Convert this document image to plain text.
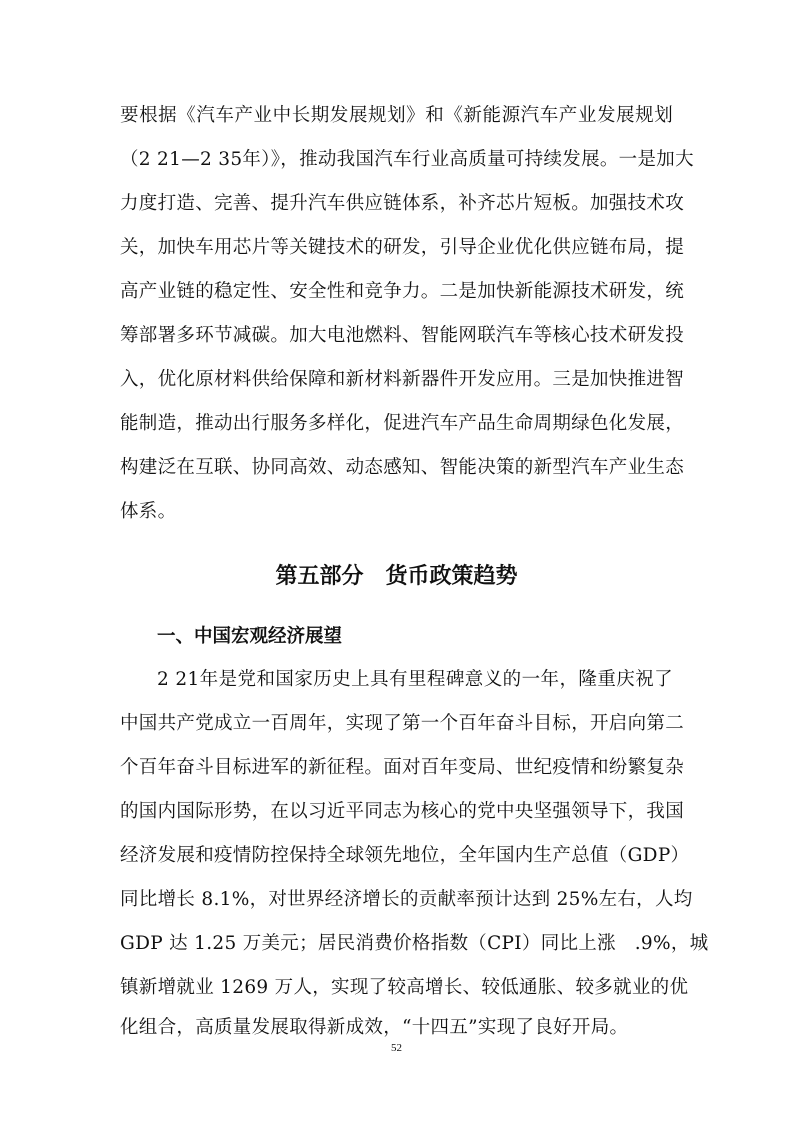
要根据《汽车产业中长期发展规划》和《新能源汽车产业发展规划
（2 21—2 35年）》，推动我国汽车行业高质量可持续发展。一是加大
力度打造、完善、提升汽车供应链体系，补齐芯片短板。加强技术攻
关，加快车用芯片等关键技术的研发，引导企业优化供应链布局，提
高产业链的稳定性、安全性和竞争力。二是加快新能源技术研发，统
筹部署多环节减碳。加大电池燃料、智能网联汽车等核心技术研发投
入，优化原材料供给保障和新材料新器件开发应用。三是加快推进智
能制造，推动出行服务多样化，促进汽车产品生命周期绿色化发展，
构建泛在互联、协同高效、动态感知、智能决策的新型汽车产业生态
体系。
第五部分　货币政策趋势
一、中国宏观经济展望
2 21年是党和国家历史上具有里程碑意义的一年，隆重庆祝了
中国共产党成立一百周年，实现了第一个百年奋斗目标，开启向第二
个百年奋斗目标进军的新征程。面对百年变局、世纪疫情和纷繁复杂
的国内国际形势，在以习近平同志为核心的党中央坚强领导下，我国
经济发展和疫情防控保持全球领先地位，全年国内生产总值（GDP）
同比增长 8.1%，对世界经济增长的贡献率预计达到 25%左右，人均
GDP 达 1.25 万美元；居民消费价格指数（CPI）同比上涨　.9%，城
镇新增就业 1269 万人，实现了较高增长、较低通胀、较多就业的优
化组合，高质量发展取得新成效，“十四五”实现了良好开局。
52
